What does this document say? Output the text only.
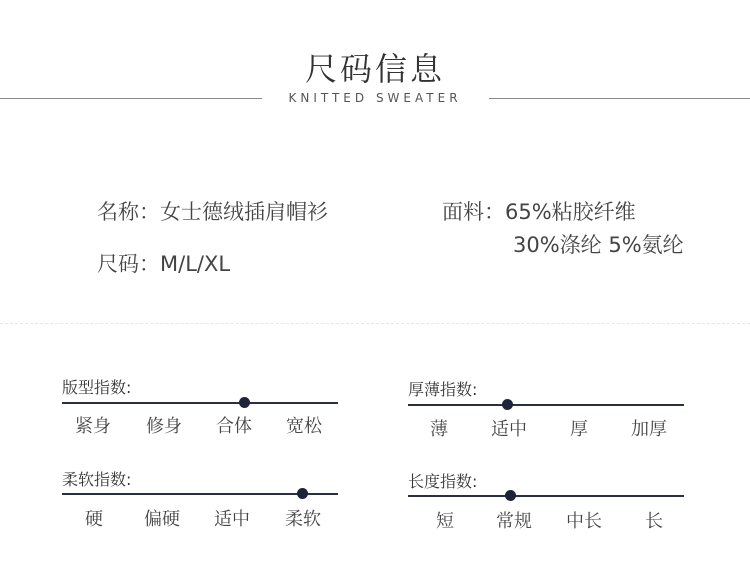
尺码信息
KNITTED SWEATER
名称：女士德绒插肩帽衫
尺码：M/L/XL
面料：65%粘胶纤维
30%涤纶 5%氨纶
版型指数:
紧身 修身 合体 宽松
厚薄指数:
薄 适中 厚 加厚
柔软指数:
硬 偏硬 适中 柔软
长度指数:
短 常规 中长 长
